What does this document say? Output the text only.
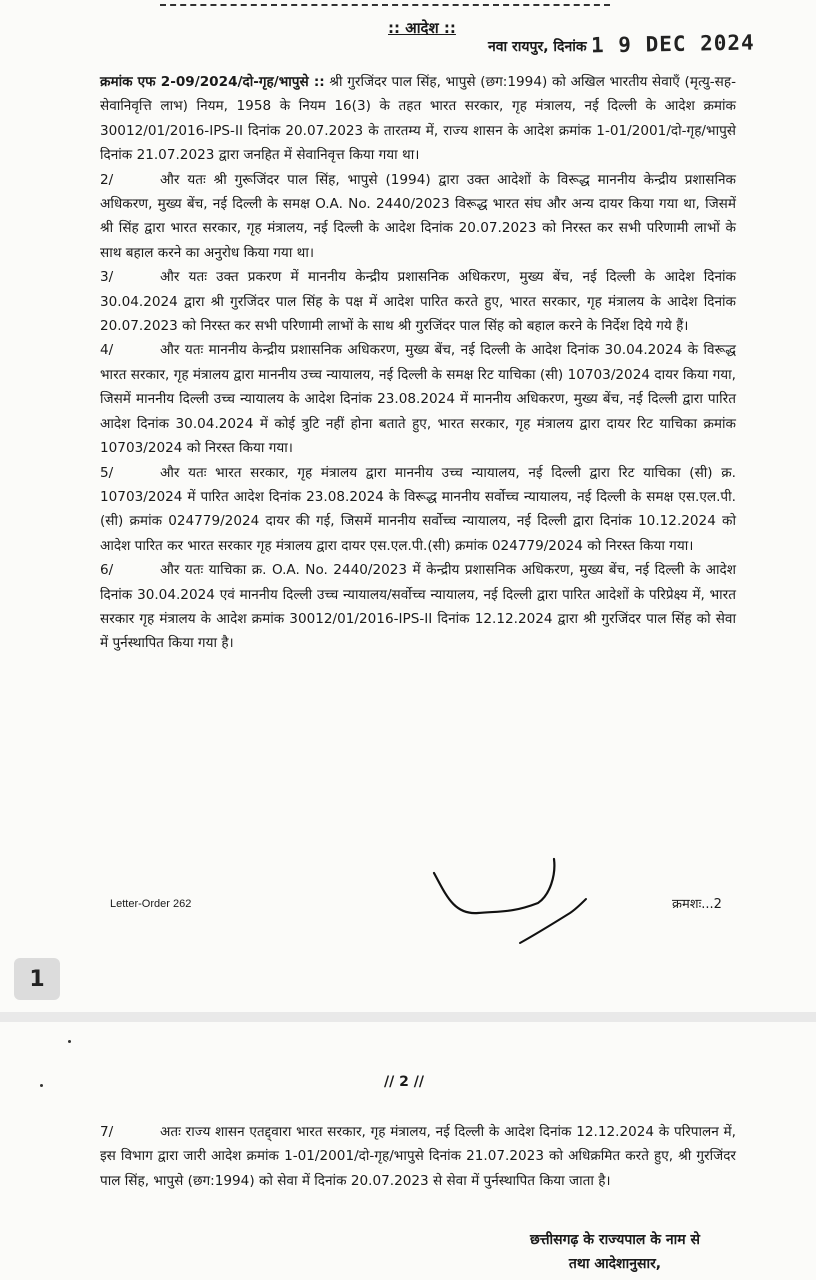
:: आदेश ::
नवा रायपुर, दिनांक 1 9 DEC 2024

क्रमांक एफ 2-09/2024/दो-गृह/भापुसे :: श्री गुरजिंदर पाल सिंह, भापुसे (छग:1994) को अखिल भारतीय सेवाएँ (मृत्यु-सह-सेवानिवृत्ति लाभ) नियम, 1958 के नियम 16(3) के तहत भारत सरकार, गृह मंत्रालय, नई दिल्ली के आदेश क्रमांक 30012/01/2016-IPS-II दिनांक 20.07.2023 के तारतम्य में, राज्य शासन के आदेश क्रमांक 1-01/2001/दो-गृह/भापुसे दिनांक 21.07.2023 द्वारा जनहित में सेवानिवृत्त किया गया था।

2/	और यतः श्री गुरूजिंदर पाल सिंह, भापुसे (1994) द्वारा उक्त आदेशों के विरूद्ध माननीय केन्द्रीय प्रशासनिक अधिकरण, मुख्य बेंच, नई दिल्ली के समक्ष O.A. No. 2440/2023 विरूद्ध भारत संघ और अन्य दायर किया गया था, जिसमें श्री सिंह द्वारा भारत सरकार, गृह मंत्रालय, नई दिल्ली के आदेश दिनांक 20.07.2023 को निरस्त कर सभी परिणामी लाभों के साथ बहाल करने का अनुरोध किया गया था।

3/	और यतः उक्त प्रकरण में माननीय केन्द्रीय प्रशासनिक अधिकरण, मुख्य बेंच, नई दिल्ली के आदेश दिनांक 30.04.2024 द्वारा श्री गुरजिंदर पाल सिंह के पक्ष में आदेश पारित करते हुए, भारत सरकार, गृह मंत्रालय के आदेश दिनांक 20.07.2023 को निरस्त कर सभी परिणामी लाभों के साथ श्री गुरजिंदर पाल सिंह को बहाल करने के निर्देश दिये गये हैं।

4/	और यतः माननीय केन्द्रीय प्रशासनिक अधिकरण, मुख्य बेंच, नई दिल्ली के आदेश दिनांक 30.04.2024 के विरूद्ध भारत सरकार, गृह मंत्रालय द्वारा माननीय उच्च न्यायालय, नई दिल्ली के समक्ष रिट याचिका (सी) 10703/2024 दायर किया गया, जिसमें माननीय दिल्ली उच्च न्यायालय के आदेश दिनांक 23.08.2024 में माननीय अधिकरण, मुख्य बेंच, नई दिल्ली द्वारा पारित आदेश दिनांक 30.04.2024 में कोई त्रुटि नहीं होना बताते हुए, भारत सरकार, गृह मंत्रालय द्वारा दायर रिट याचिका क्रमांक 10703/2024 को निरस्त किया गया।

5/	और यतः भारत सरकार, गृह मंत्रालय द्वारा माननीय उच्च न्यायालय, नई दिल्ली द्वारा रिट याचिका (सी) क्र. 10703/2024 में पारित आदेश दिनांक 23.08.2024 के विरूद्ध माननीय सर्वोच्च न्यायालय, नई दिल्ली के समक्ष एस.एल.पी.(सी) क्रमांक 024779/2024 दायर की गई, जिसमें माननीय सर्वोच्च न्यायालय, नई दिल्ली द्वारा दिनांक 10.12.2024 को आदेश पारित कर भारत सरकार गृह मंत्रालय द्वारा दायर एस.एल.पी.(सी) क्रमांक 024779/2024 को निरस्त किया गया।

6/	और यतः याचिका क्र. O.A. No. 2440/2023 में केन्द्रीय प्रशासनिक अधिकरण, मुख्य बेंच, नई दिल्ली के आदेश दिनांक 30.04.2024 एवं माननीय दिल्ली उच्च न्यायालय/सर्वोच्च न्यायालय, नई दिल्ली द्वारा पारित आदेशों के परिप्रेक्ष्य में, भारत सरकार गृह मंत्रालय के आदेश क्रमांक 30012/01/2016-IPS-II दिनांक 12.12.2024 द्वारा श्री गुरजिंदर पाल सिंह को सेवा में पुर्नस्थापित किया गया है।

Letter-Order 262	क्रमशः...2
1
// 2 //

7/	अतः राज्य शासन एतद्द्वारा भारत सरकार, गृह मंत्रालय, नई दिल्ली के आदेश दिनांक 12.12.2024 के परिपालन में, इस विभाग द्वारा जारी आदेश क्रमांक 1-01/2001/दो-गृह/भापुसे दिनांक 21.07.2023 को अधिक्रमित करते हुए, श्री गुरजिंदर पाल सिंह, भापुसे (छग:1994) को सेवा में दिनांक 20.07.2023 से सेवा में पुर्नस्थापित किया जाता है।

छत्तीसगढ़ के राज्यपाल के नाम से
तथा आदेशानुसार,
